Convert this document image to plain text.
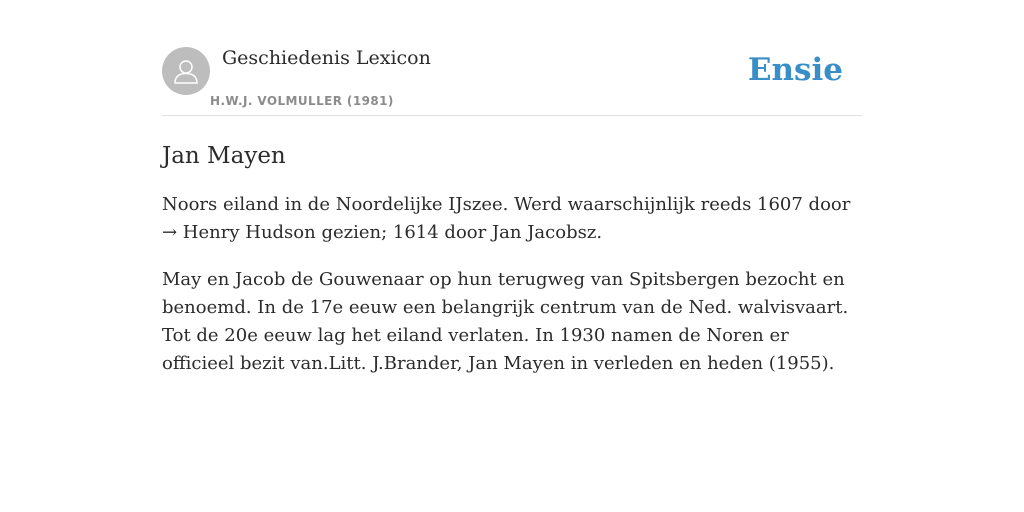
Geschiedenis Lexicon
H.W.J. VOLMULLER (1981)
Ensie
Jan Mayen

Noors eiland in de Noordelijke IJszee. Werd waarschijnlijk reeds 1607 door → Henry Hudson gezien; 1614 door Jan Jacobsz.

May en Jacob de Gouwenaar op hun terugweg van Spitsbergen bezocht en benoemd. In de 17e eeuw een belangrijk centrum van de Ned. walvisvaart. Tot de 20e eeuw lag het eiland verlaten. In 1930 namen de Noren er officieel bezit van.Litt. J.Brander, Jan Mayen in verleden en heden (1955).
